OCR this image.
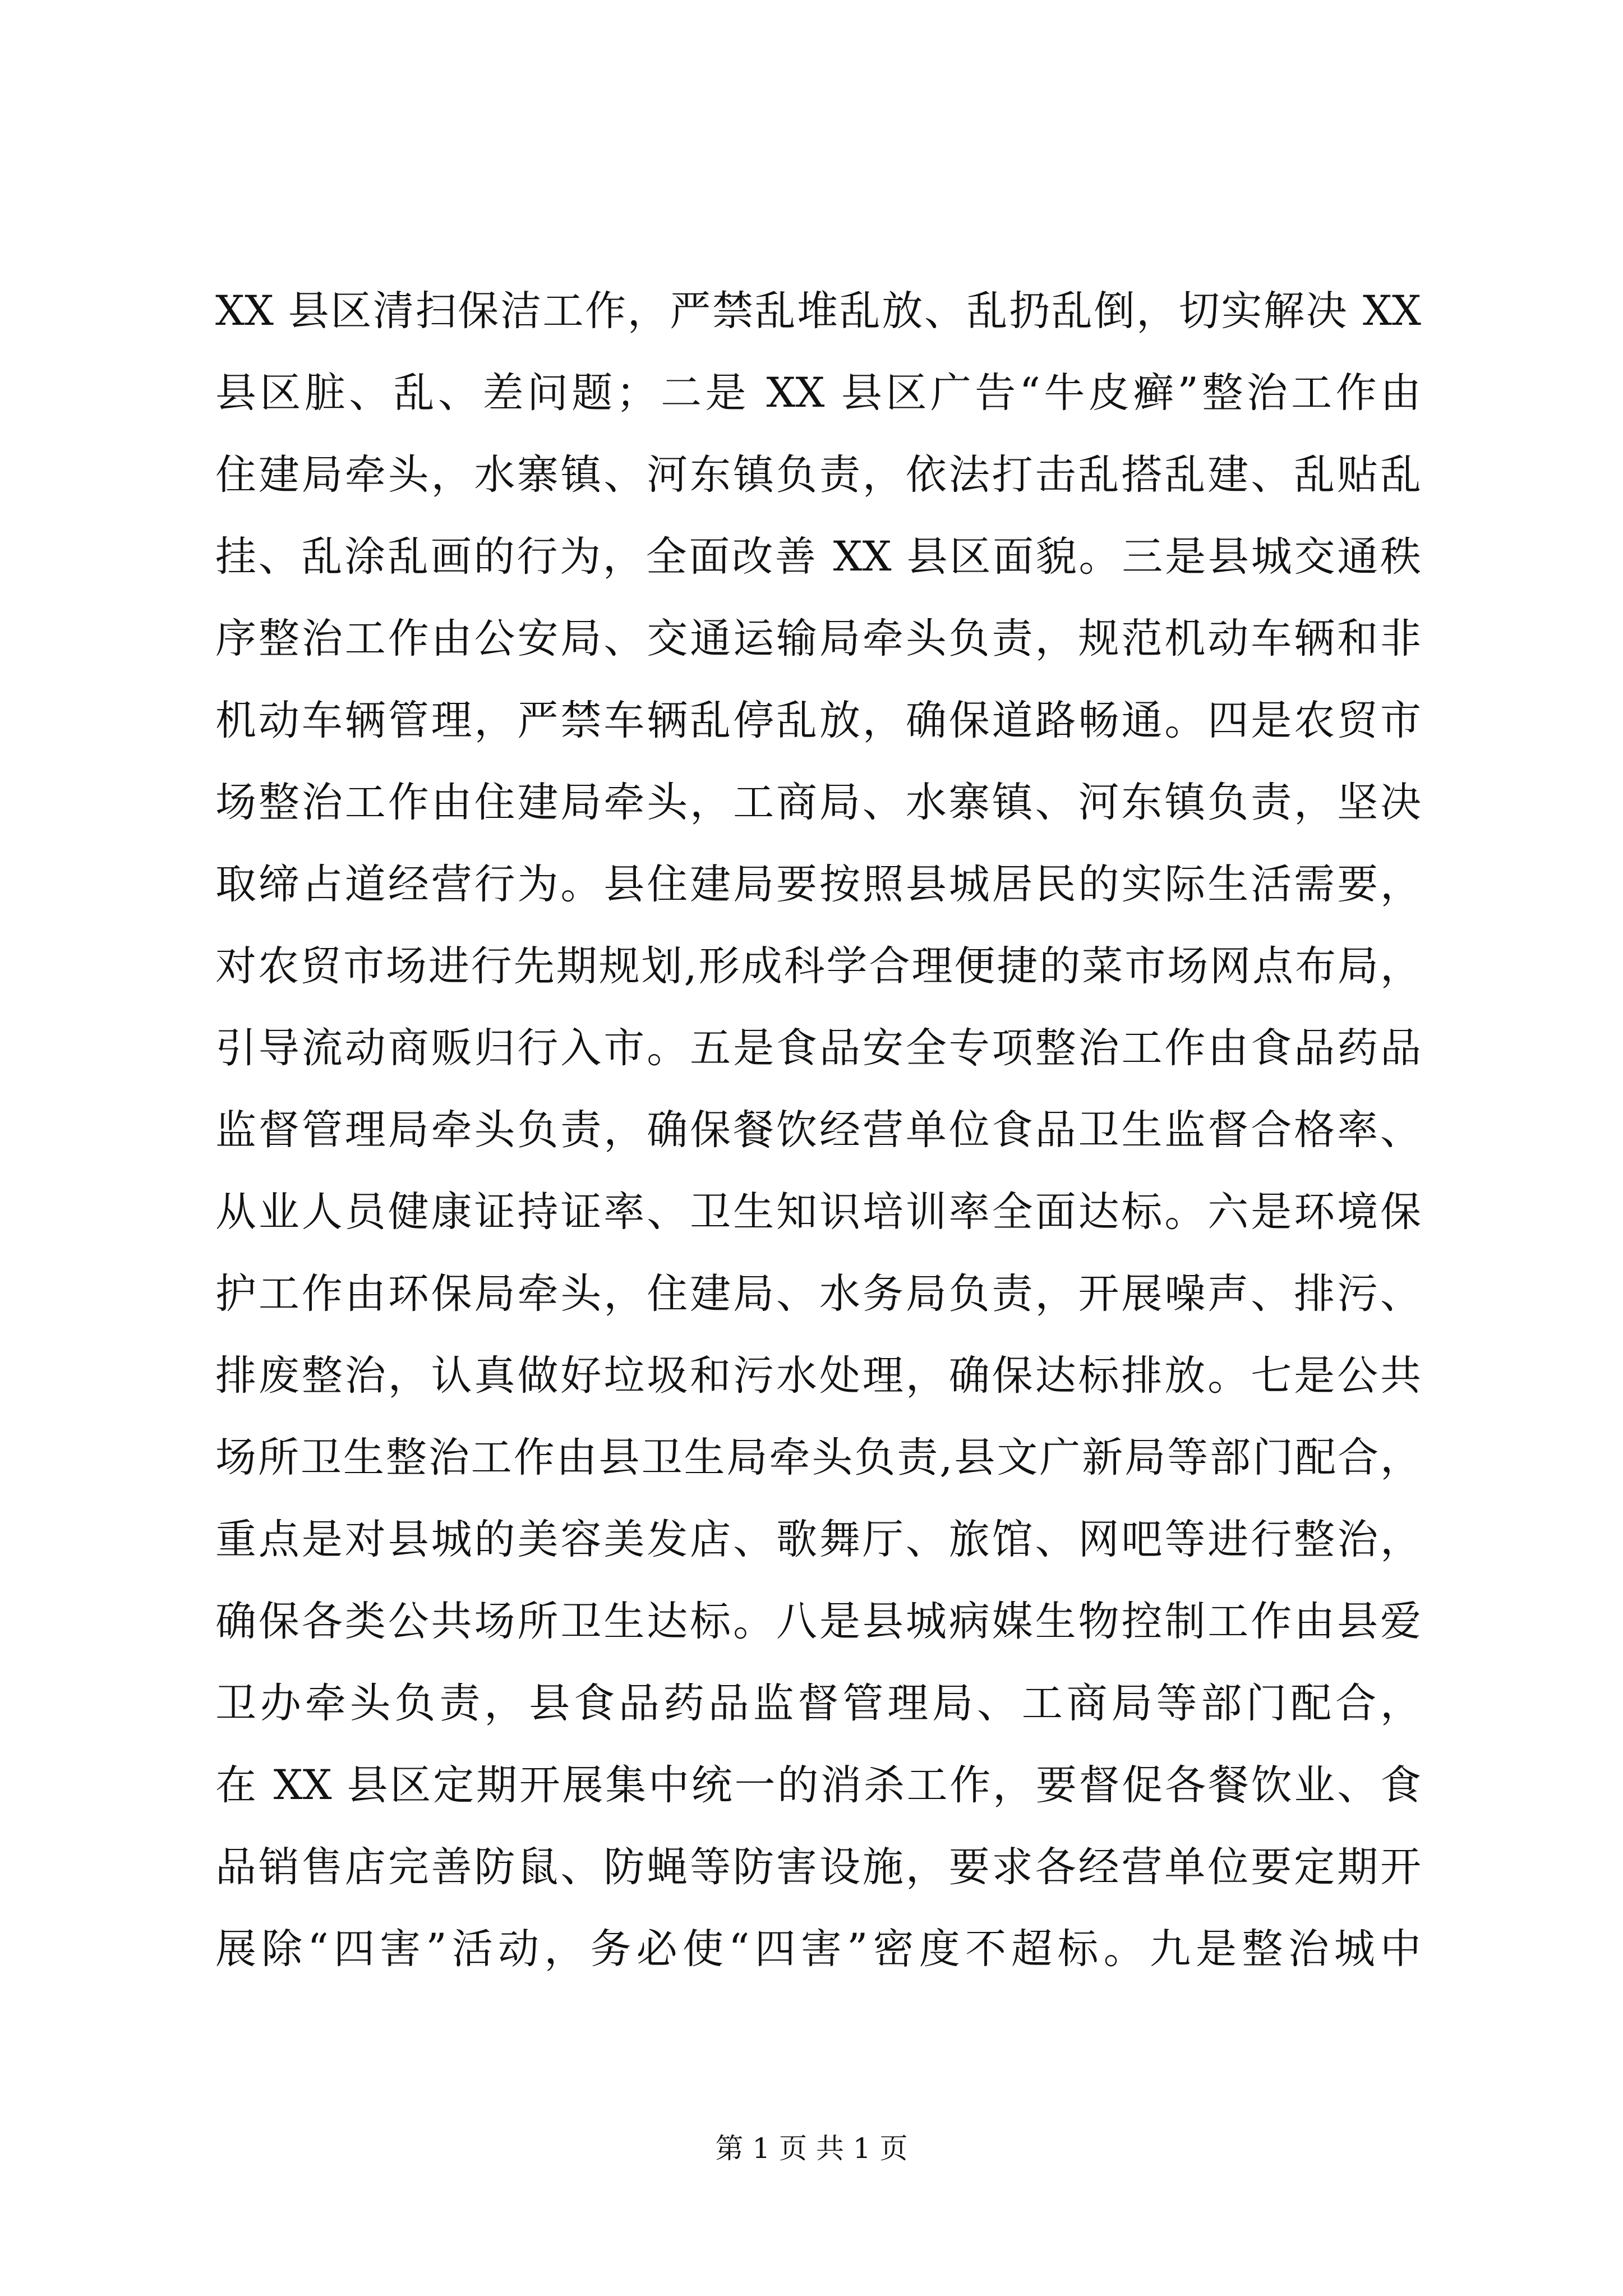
XX 县区清扫保洁工作，严禁乱堆乱放、乱扔乱倒，切实解决 XX
县区脏、乱、差问题；二是 XX 县区广告“牛皮癣”整治工作由
住建局牵头，水寨镇、河东镇负责，依法打击乱搭乱建、乱贴乱
挂、乱涂乱画的行为，全面改善 XX 县区面貌。三是县城交通秩
序整治工作由公安局、交通运输局牵头负责，规范机动车辆和非
机动车辆管理，严禁车辆乱停乱放，确保道路畅通。四是农贸市
场整治工作由住建局牵头，工商局、水寨镇、河东镇负责，坚决
取缔占道经营行为。县住建局要按照县城居民的实际生活需要，
对农贸市场进行先期规划,形成科学合理便捷的菜市场网点布局，
引导流动商贩归行入市。五是食品安全专项整治工作由食品药品
监督管理局牵头负责，确保餐饮经营单位食品卫生监督合格率、
从业人员健康证持证率、卫生知识培训率全面达标。六是环境保
护工作由环保局牵头，住建局、水务局负责，开展噪声、排污、
排废整治，认真做好垃圾和污水处理，确保达标排放。七是公共
场所卫生整治工作由县卫生局牵头负责,县文广新局等部门配合，
重点是对县城的美容美发店、歌舞厅、旅馆、网吧等进行整治，
确保各类公共场所卫生达标。八是县城病媒生物控制工作由县爱
卫办牵头负责，县食品药品监督管理局、工商局等部门配合，
在 XX 县区定期开展集中统一的消杀工作，要督促各餐饮业、食
品销售店完善防鼠、防蝇等防害设施，要求各经营单位要定期开
展除“四害”活动，务必使“四害”密度不超标。九是整治城中
第 1 页 共 1 页
